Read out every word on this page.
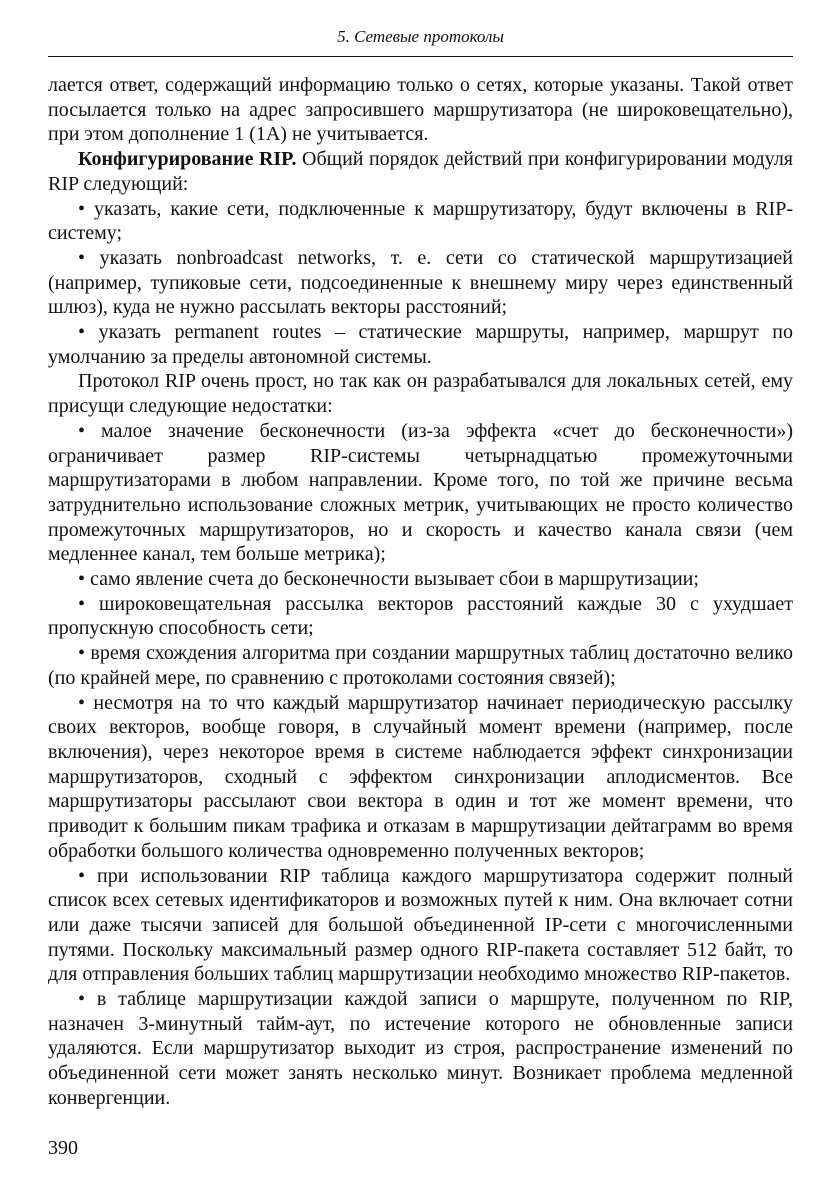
5. Сетевые протоколы

лается ответ, содержащий информацию только о сетях, которые указаны. Такой ответ посылается только на адрес запросившего маршрутизатора (не широковещательно), при этом дополнение 1 (1А) не учитывается.

Конфигурирование RIP. Общий порядок действий при конфигурировании модуля RIP следующий:

• указать, какие сети, подключенные к маршрутизатору, будут включены в RIP-систему;

• указать nonbroadcast networks, т. е. сети со статической маршрутизацией (например, тупиковые сети, подсоединенные к внешнему миру через единственный шлюз), куда не нужно рассылать векторы расстояний;

• указать permanent routes – статические маршруты, например, маршрут по умолчанию за пределы автономной системы.

Протокол RIP очень прост, но так как он разрабатывался для локальных сетей, ему присущи следующие недостатки:

• малое значение бесконечности (из-за эффекта «счет до бесконечности») ограничивает размер RIP-системы четырнадцатью промежуточными маршрутизаторами в любом направлении. Кроме того, по той же причине весьма затруднительно использование сложных метрик, учитывающих не просто количество промежуточных маршрутизаторов, но и скорость и качество канала связи (чем медленнее канал, тем больше метрика);

• само явление счета до бесконечности вызывает сбои в маршрутизации;

• широковещательная рассылка векторов расстояний каждые 30 с ухудшает пропускную способность сети;

• время схождения алгоритма при создании маршрутных таблиц достаточно велико (по крайней мере, по сравнению с протоколами состояния связей);

• несмотря на то что каждый маршрутизатор начинает периодическую рассылку своих векторов, вообще говоря, в случайный момент времени (например, после включения), через некоторое время в системе наблюдается эффект синхронизации маршрутизаторов, сходный с эффектом синхронизации аплодисментов. Все маршрутизаторы рассылают свои вектора в один и тот же момент времени, что приводит к большим пикам трафика и отказам в маршрутизации дейтаграмм во время обработки большого количества одновременно полученных векторов;

• при использовании RIP таблица каждого маршрутизатора содержит полный список всех сетевых идентификаторов и возможных путей к ним. Она включает сотни или даже тысячи записей для большой объединенной IP-сети с многочисленными путями. Поскольку максимальный размер одного RIP-пакета составляет 512 байт, то для отправления больших таблиц маршрутизации необходимо множество RIP-пакетов.

• в таблице маршрутизации каждой записи о маршруте, полученном по RIP, назначен 3-минутный тайм-аут, по истечение которого не обновленные записи удаляются. Если маршрутизатор выходит из строя, распространение изменений по объединенной сети может занять несколько минут. Возникает проблема медленной конвергенции.

390
